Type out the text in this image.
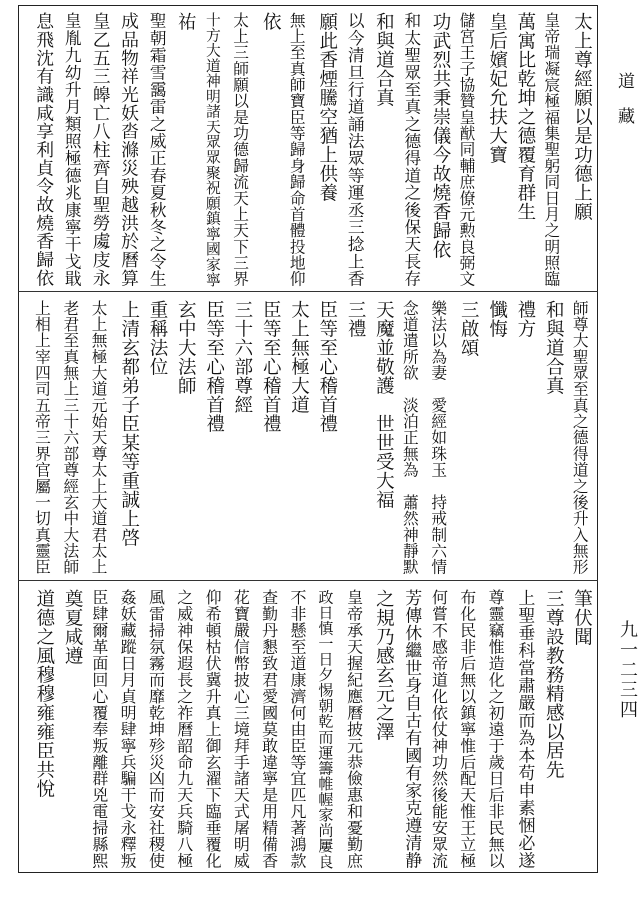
道藏
九一二三四
太上尊經願以是功德上願
皇帝瑞凝宸極福集聖躬同日月之明照臨
萬寓比乾坤之德覆育群生
皇后嬪妃允扶大寶
儲宮王子協贊皇猷同輔庶僚元勲良弼文
功武烈共秉崇儀今故燒香歸依
和太聖眾至真之德得道之後保天長存
和與道合真
以今清旦行道誦法眾等運丞三捻上香
願此香煙騰空猶上供養
無上至真師寶臣等歸身歸命首體投地仰
依
太上三師願以是功德歸流天上天下三界
十方大道神明諸天眾眾聚祝願鎮寧國家寧
祐
聖朝霜雪靄雷之威正春夏秋冬之令生
成品物祥光妖㳫滌災殃越洪於曆算
皇乙五三皞亡八柱齊自聖勞䖏庋永
皇胤九幼升月類照極德兆康寧干戈戢
息飛沈有識咸享利貞令故燒香歸依
師尊大聖眾至真之德得道之後升入無形
和與道合真
禮方
懺悔
三啟頌
樂法以為妻　愛經如珠玉　持戒制六情
念道遣所欲　淡泊正無為　蕭然神靜默
天魔並敬護　世世受大福
三禮
臣等至心稽首禮
太上無極大道
臣等至心稽首禮
三十六部尊經
臣等至心稽首禮
玄中大法師
重稱法位
上清玄都弟子臣某等重誠上啓
太上無極大道元始天尊太上大道君太上
老君至真無上三十六部尊經玄中大法師
上相上宰四司五帝三界官屬一切真靈臣
筆伏聞
三尊設教務精感以居先
上聖垂科當肅嚴而為本苟申素悃必遂
尊靈竊惟造化之初遠于歲日后非民無以
布化民非后無以鎮寧惟后配天惟王立極
何嘗不感帝道化依仗神功然後能安眾流
芳傳休繼世身自古有國有家克遵清静
之規乃感玄元之澤
皇帝承天握紀應曆披元恭儉惠和憂勤庶
政日慎一日夕惕朝乾而運籌帷幄家尚屢良
不非懸至道康濟何由臣等宜匹凡著鴻款
查勤丹懇致君愛國莫敢違寧是用精備香
花寶嚴信幣披心三境拜手諸天式屠明威
仰希頓枯伏冀升真上御玄濯下臨垂覆化
之威神保遐長之祚曆韶命九天兵騎八極
風雷掃氛霧而靡乾坤殄災凶而安社稷使
姦妖藏蹤日月貞明肆寧兵騙干戈永釋叛
臣肆爾革面回心覆奉叛離群兇電掃縣熙
奠夏咸遵
道德之風穆穆雍雍臣共悅
